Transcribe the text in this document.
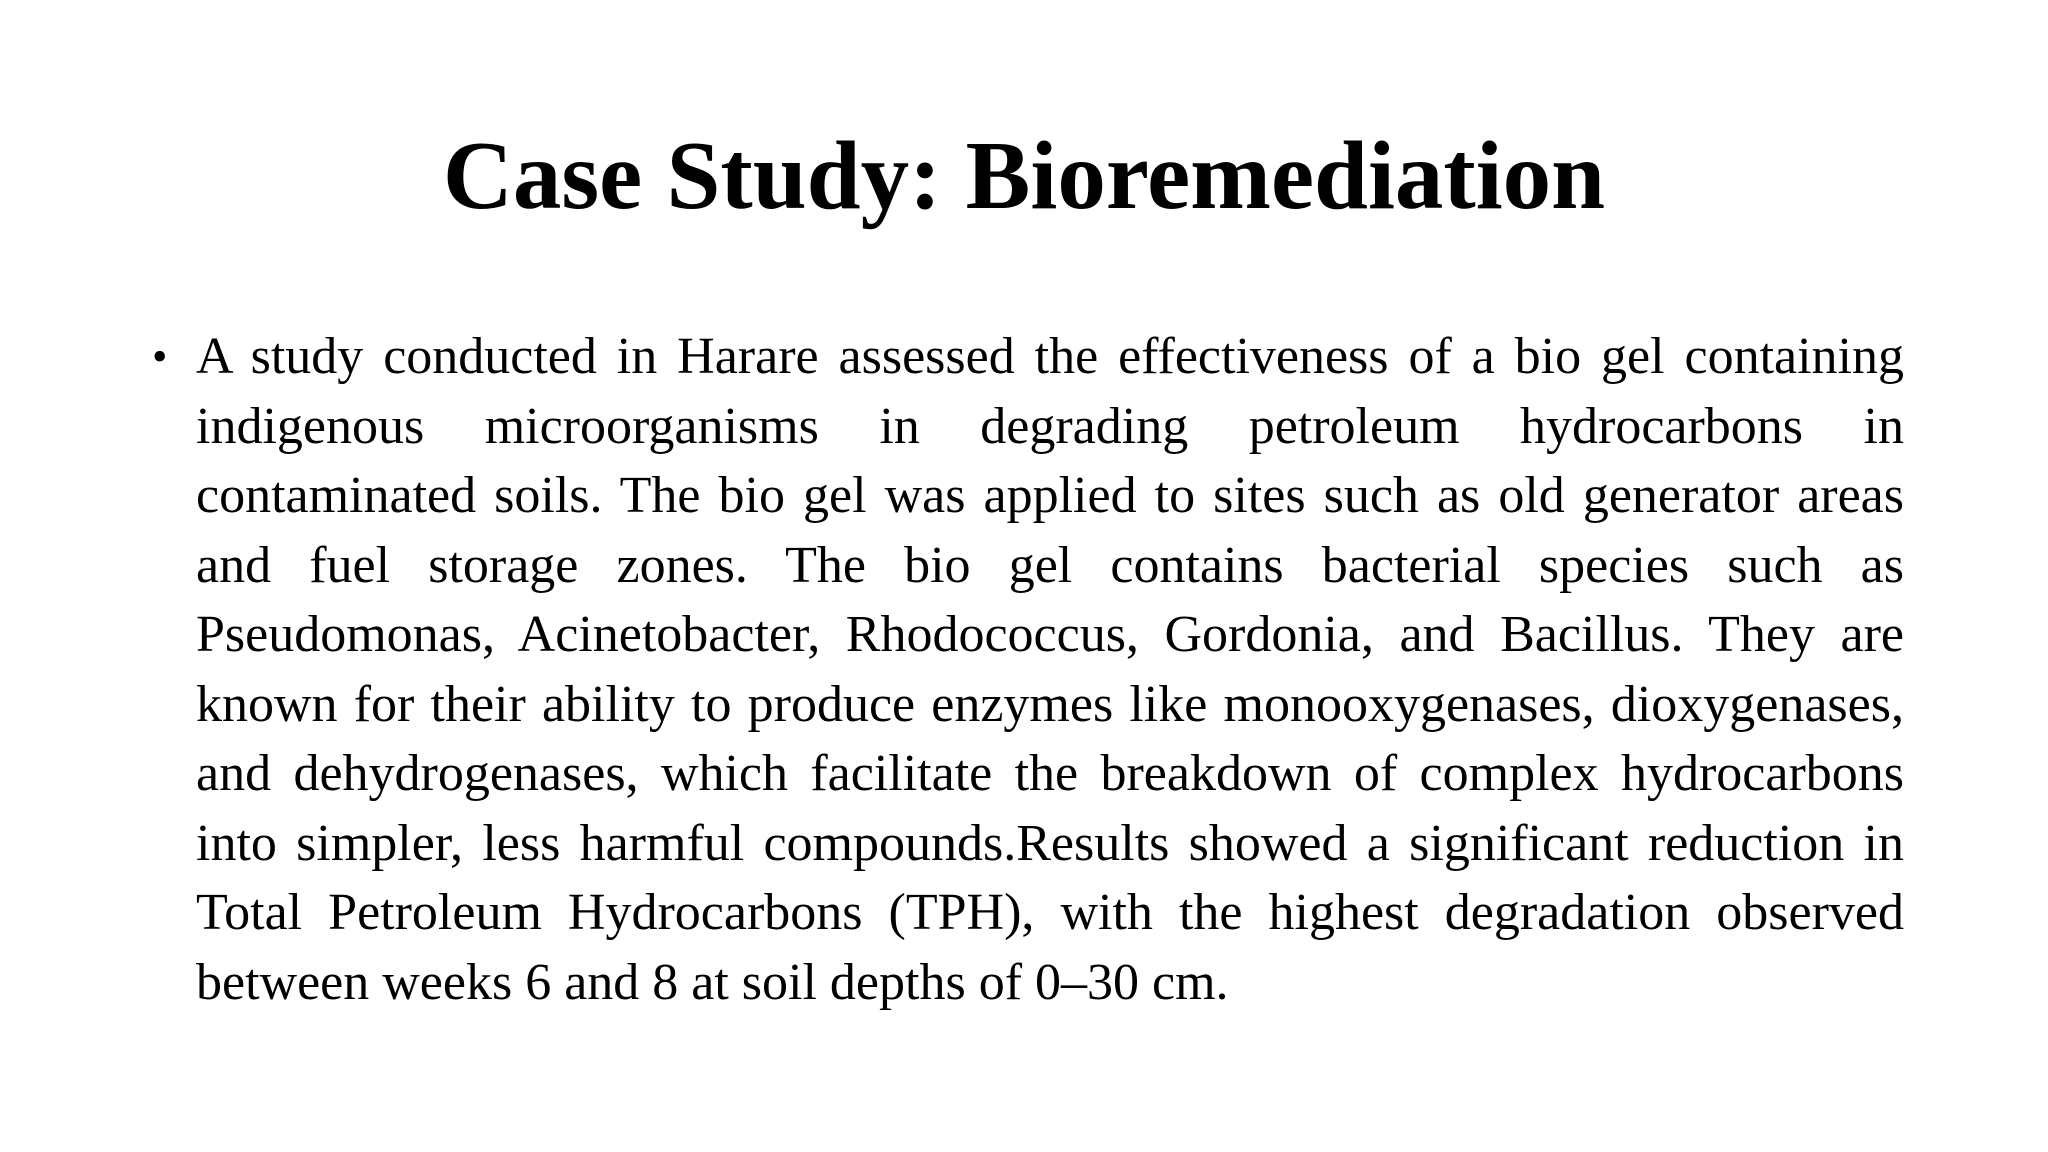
Case Study: Bioremediation
• A study conducted in Harare assessed the effectiveness of a bio gel containing indigenous microorganisms in degrading petroleum hydrocarbons in contaminated soils. The bio gel was applied to sites such as old generator areas and fuel storage zones. The bio gel contains bacterial species such as Pseudomonas, Acinetobacter, Rhodococcus, Gordonia, and Bacillus. They are known for their ability to produce enzymes like monooxygenases, dioxygenases, and dehydrogenases, which facilitate the breakdown of complex hydrocarbons into simpler, less harmful compounds.Results showed a significant reduction in Total Petroleum Hydrocarbons (TPH), with the highest degradation observed between weeks 6 and 8 at soil depths of 0–30 cm.
